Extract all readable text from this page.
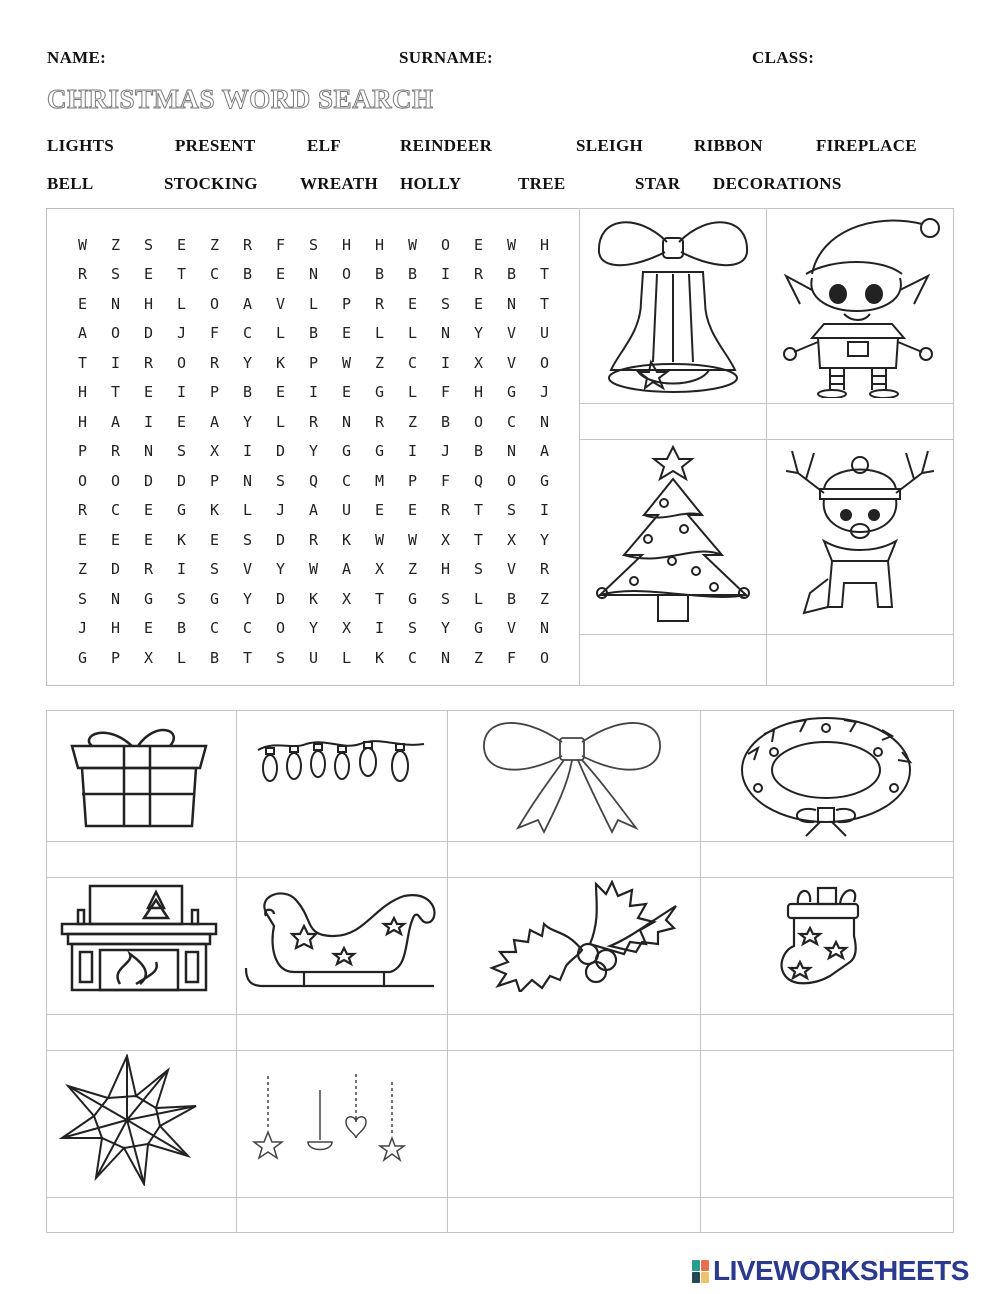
NAME:	SURNAME:	CLASS:
CHRISTMAS WORD SEARCH
LIGHTS	PRESENT	ELF	REINDEER	SLEIGH	RIBBON	FIREPLACE
BELL	STOCKING WREATH HOLLY	TREE	STAR DECORATIONS
W	Z	S	E	Z	R	F	S	H	H	W	O	E	W	H
R	S	E	T	C	B	E	N	O	B	B	I	R	B	T
E	N	H	L	O	A	V	L	P	R	E	S	E	N	T
A	O	D	J	F	C	L	B	E	L	L	N	Y	V	U
T	I	R	O	R	Y	K	P	W	Z	C	I	X	V	O
H	T	E	I	P	B	E	I	E	G	L	F	H	G	J
H	A	I	E	A	Y	L	R	N	R	Z	B	O	C	N
P	R	N	S	X	I	D	Y	G	G	I	J	B	N	A
O	O	D	D	P	N	S	Q	C	M	P	F	Q	O	G
R	C	E	G	K	L	J	A	U	E	E	R	T	S	I
E	E	E	K	E	S	D	R	K	W	W	X	T	X	Y
Z	D	R	I	S	V	Y	W	A	X	Z	H	S	V	R
S	N	G	S	G	Y	D	K	X	T	G	S	L	B	Z
J	H	E	B	C	C	O	Y	X	I	S	Y	G	V	N
G	P	X	L	B	T	S	U	L	K	C	N	Z	F	O
LIVEWORKSHEETS
